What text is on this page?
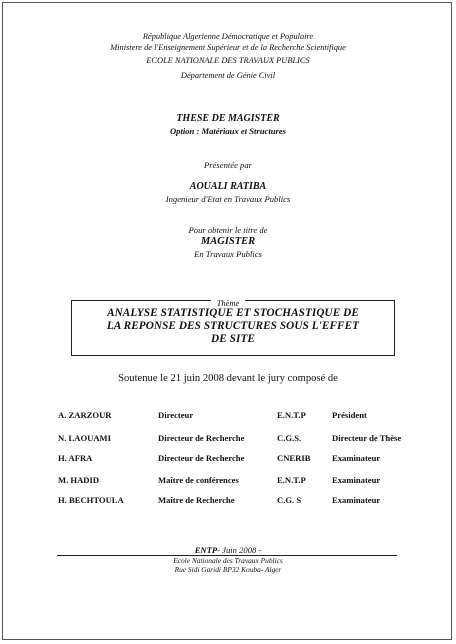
République Algerienne Démocratique et Populaire
Ministere de l'Enseignement Supérieur et de la Recherche Scientifique
ECOLE NATIONALE DES TRAVAUX PUBLICS
Département de Génie Civil
THESE DE MAGISTER
Option : Matériaux et Structures
Présentée par
AOUALI RATIBA
Ingenieur d'Etat en Travaux Publics
Pour obtenir le titre de
MAGISTER
En Travaux Publics
Thème
ANALYSE STATISTIQUE ET STOCHASTIQUE DE
LA REPONSE DES STRUCTURES SOUS L'EFFET
DE SITE
Soutenue le 21 juin 2008 devant le jury composé de
A. ZARZOUR	Directeur	E.N.T.P	Président
N. LAOUAMI	Directeur de Recherche	C.G.S.	Directeur de Thèse
H. AFRA	Directeur de Recherche	CNERIB	Examinateur
M. HADID	Maître de conférences	E.N.T.P	Examinateur
H. BECHTOULA	Maître de Recherche	C.G. S	Examinateur
ENTP- Juin 2008 -
Ecole Nationale des Travaux Publics
Rue Sidi Garidi BP32 Kouba- Alger
